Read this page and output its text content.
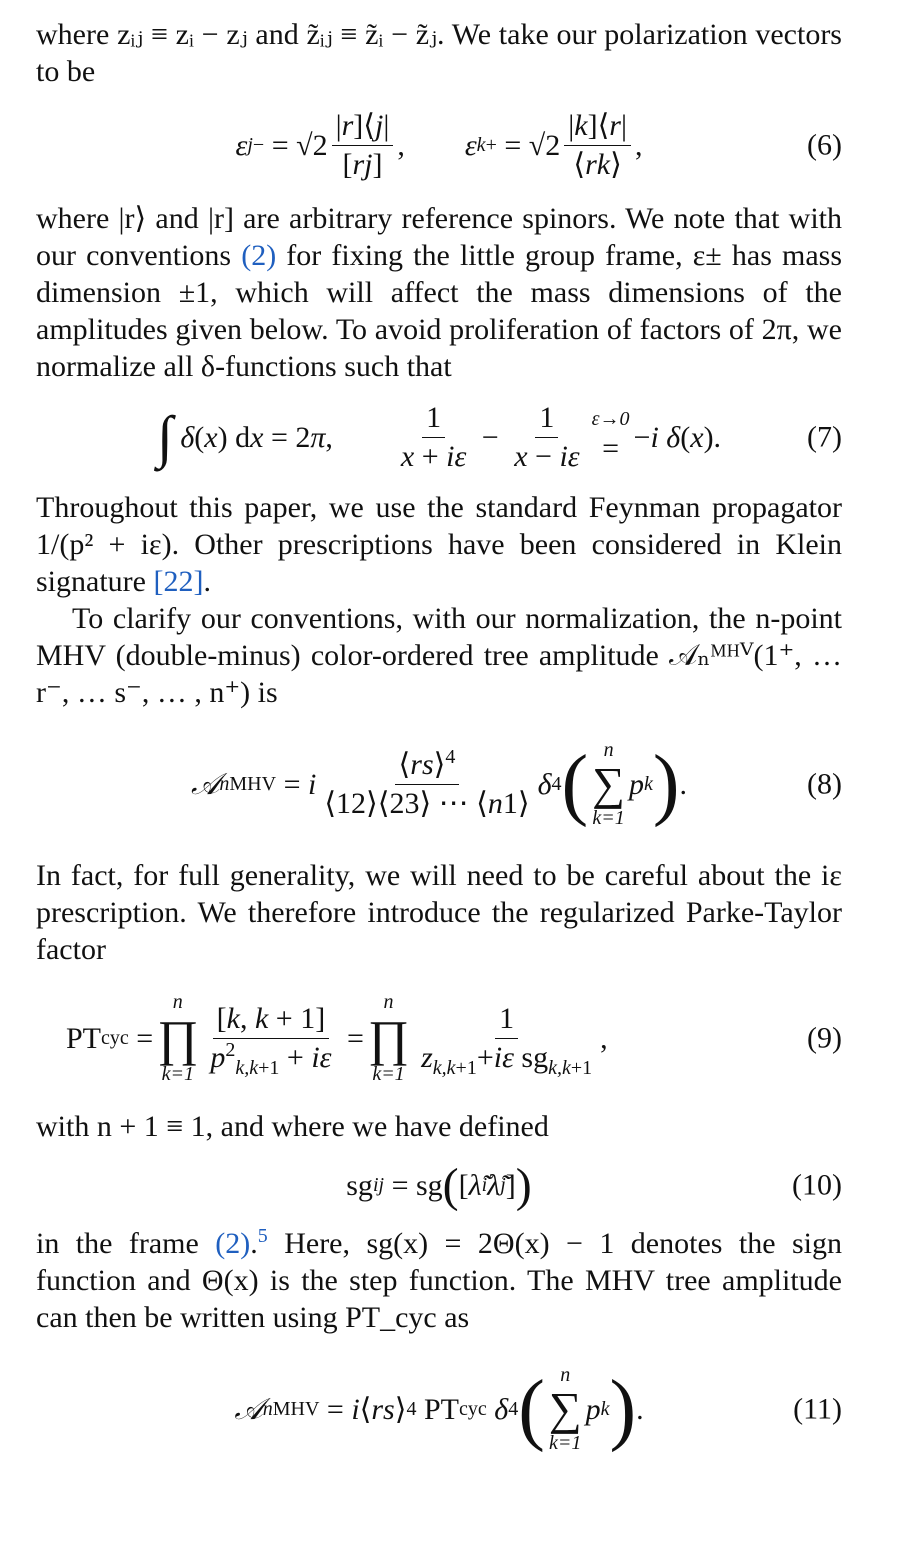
where zᵢⱼ ≡ zᵢ − zⱼ and z̃ᵢⱼ ≡ z̃ᵢ − z̃ⱼ. We take our polarization vectors to be

ε j − = $√2 \frac{|r]⟨j|}{[rj]}$ , ε k + = $√2 \frac{|k]⟨r|}{⟨rk⟩}$ ,	(6)

where |r⟩ and |r] are arbitrary reference spinors. We note that with our conventions (2) for fixing the little group frame, ε± has mass dimension ±1, which will affect the mass dimensions of the amplitudes given below. To avoid proliferation of factors of 2π, we normalize all δ-functions such that

∫
δ ( x ) d x = 2 π , $\frac{1}{x + i\varepsilon} - \frac{1}{x - i\varepsilon} \varepsilon\to 0$
= − i
δ ( x ).	(7)

Throughout this paper, we use the standard Feynman propagator 1/(p² + iε). Other prescriptions have been considered in Klein signature [22].

To clarify our conventions, with our normalization, the n-point MHV (double-minus) color-ordered tree amplitude 𝒜ₙᴹᴴⱽ(1⁺, … r⁻, … s⁻, … , n⁺) is

𝒜 n MHV = i $\frac{⟨rs⟩^4}{⟨12⟩⟨23⟩ \cdots ⟨n1⟩}$ δ 4 ( n
∑
k=1
p k ) .	(8)

In fact, for full generality, we will need to be careful about the iε prescription. We therefore introduce the regularized Parke-Taylor factor

PT cyc =
n
∏
$k=1 \frac{[k, k + 1]}{p^2_{k,k+1} + i\varepsilon}$ =
n
∏
$k=1 \frac{1}{z_{k,k+1}+i\varepsilon sg_{k,k+1}}$ ,	(9)

with n + 1 ≡ 1, and where we have defined

sg ij = sg ( [ λ̃ i λ̃ j ] )	(10)

in the frame (2).$^5$ Here, sg(x) = 2Θ(x) − 1 denotes the sign function and Θ(x) is the step function. The MHV tree amplitude can then be written using PT_cyc as

𝒜 n MHV = i ⟨ rs ⟩ 4 PT cyc
δ 4 ( n
∑
k=1
p k ) .	(11)
